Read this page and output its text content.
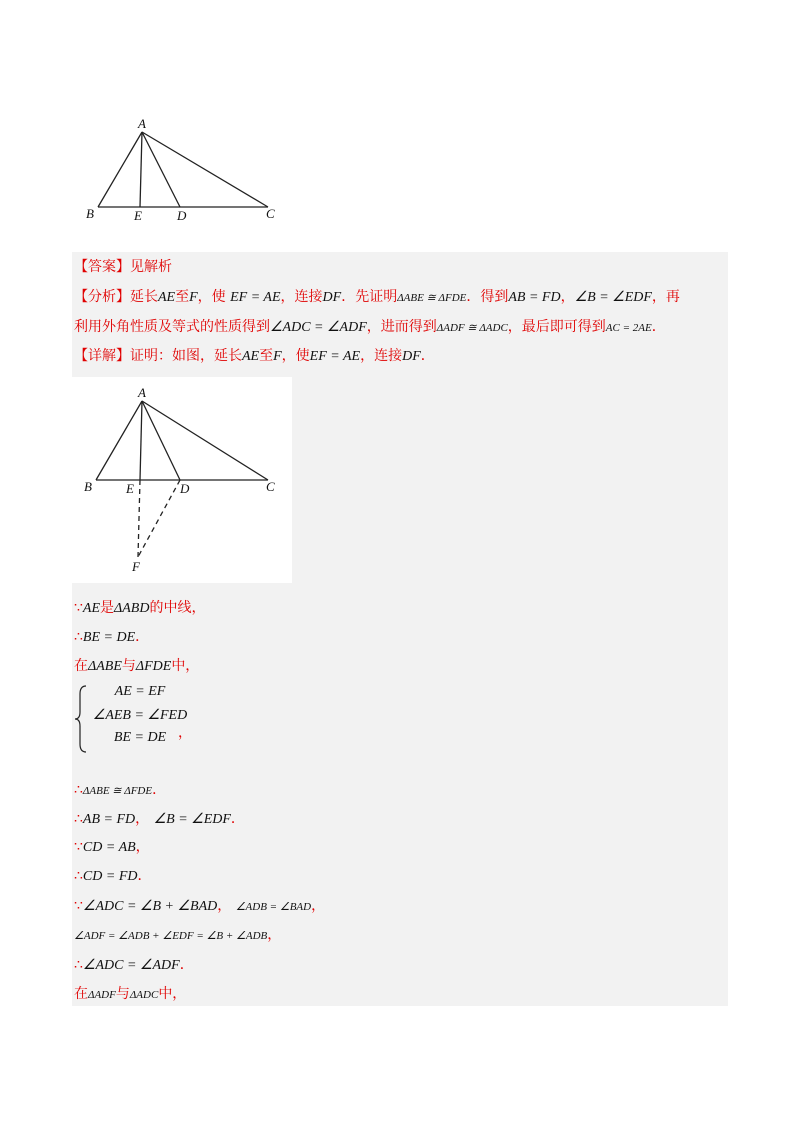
A
B	E	D	C
【答案】见解析
【分析】延长AE至F，使 EF = AE，连接DF．先证明ΔABE ≅ ΔFDE．得到AB = FD，∠B = ∠EDF，再
利用外角性质及等式的性质得到∠ADC = ∠ADF，进而得到ΔADF ≅ ΔADC，最后即可得到AC = 2AE．
【详解】证明：如图，延长AE至F，使EF = AE，连接DF．
A
B	E	D	C
F
∵AE是ΔABD的中线，
∴BE = DE．
在ΔABE与ΔFDE中，
AE = EF
∠AEB = ∠FED
BE = DE ，
∴ΔABE ≅ ΔFDE．
∴AB = FD， ∠B = ∠EDF．
∵CD = AB，
∴CD = FD．
∵∠ADC = ∠B + ∠BAD， ∠ADB = ∠BAD，
∠ADF = ∠ADB + ∠EDF = ∠B + ∠ADB，
∴∠ADC = ∠ADF．
在ΔADF与ΔADC中，
